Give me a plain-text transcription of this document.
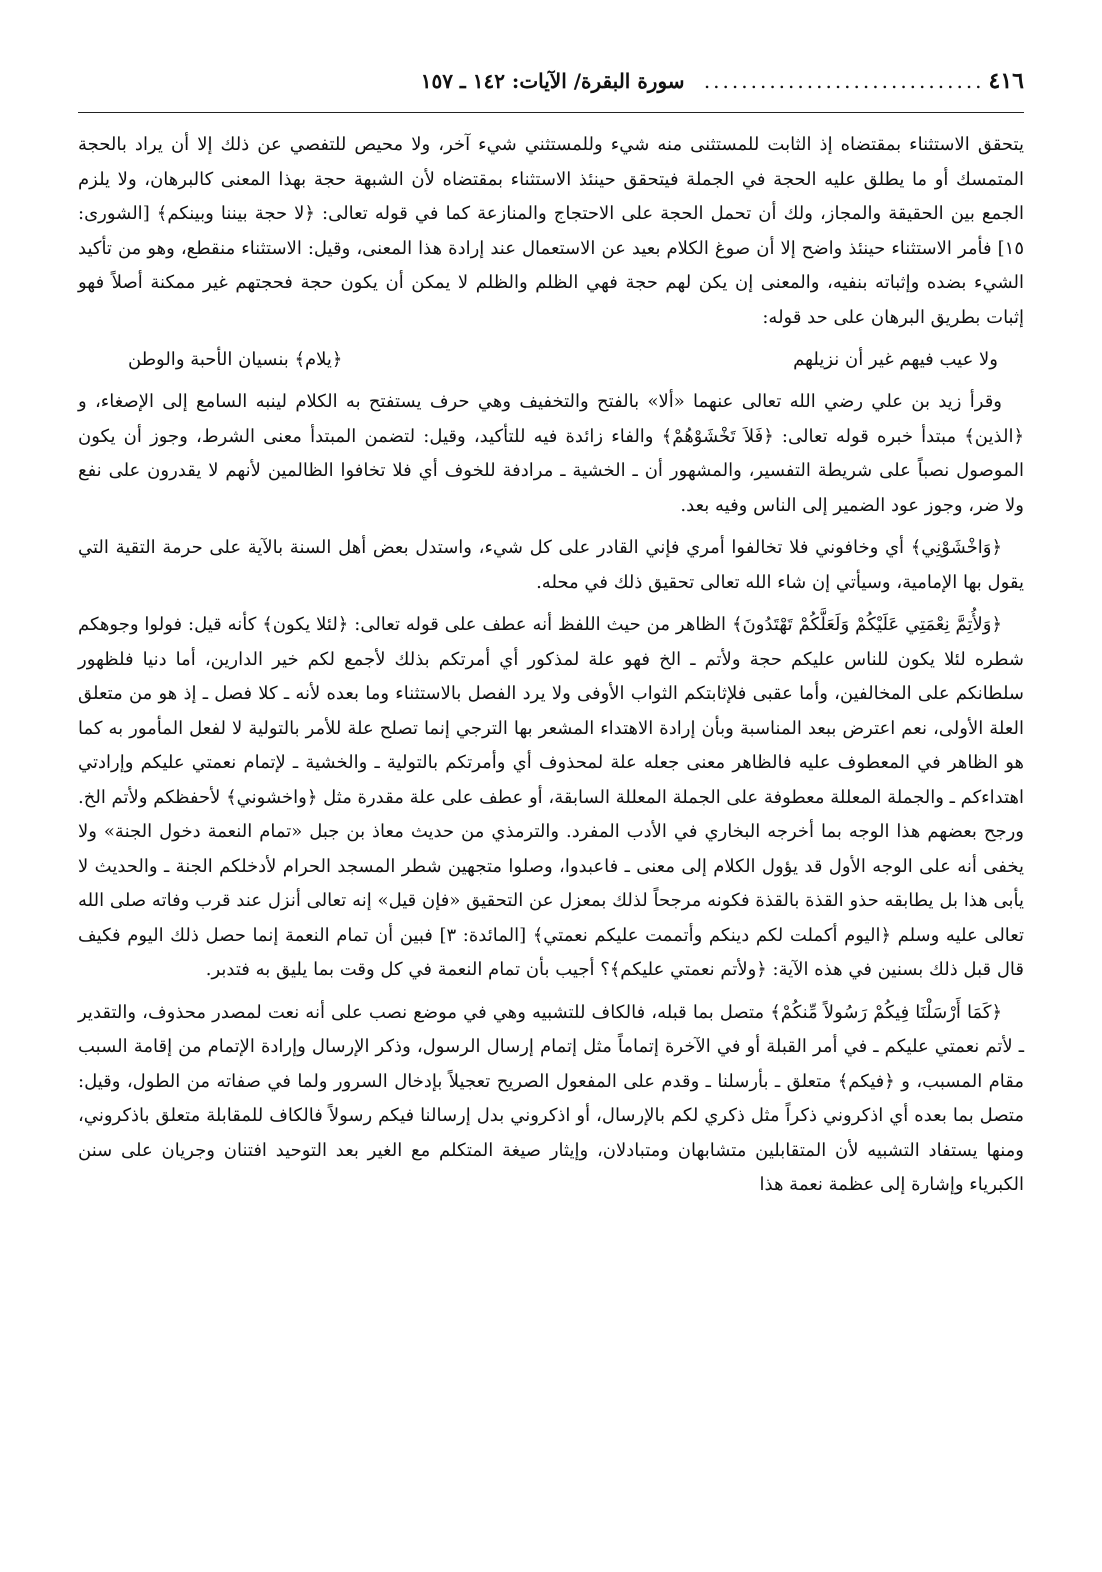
٤١٦
..............................
سورة البقرة/ الآيات: ١٤٢ ـ ١٥٧

يتحقق الاستثناء بمقتضاه إذ الثابت للمستثنى منه شيء وللمستثني شيء آخر، ولا محيص للتفصي عن ذلك إلا أن يراد بالحجة المتمسك أو ما يطلق عليه الحجة في الجملة فيتحقق حينئذ الاستثناء بمقتضاه لأن الشبهة حجة بهذا المعنى كالبرهان، ولا يلزم الجمع بين الحقيقة والمجاز، ولك أن تحمل الحجة على الاحتجاج والمنازعة كما في قوله تعالى: ﴿لا حجة بيننا وبينكم﴾ [الشورى: ١٥] فأمر الاستثناء حينئذ واضح إلا أن صوغ الكلام بعيد عن الاستعمال عند إرادة هذا المعنى، وقيل: الاستثناء منقطع، وهو من تأكيد الشيء بضده وإثباته بنفيه، والمعنى إن يكن لهم حجة فهي الظلم والظلم لا يمكن أن يكون حجة فحجتهم غير ممكنة أصلاً فهو إثبات بطريق البرهان على حد قوله:

ولا عيب فيهم غير أن نزيلهم
﴿يلام﴾ بنسيان الأحبة والوطن

وقرأ زيد بن علي رضي الله تعالى عنهما «ألا» بالفتح والتخفيف وهي حرف يستفتح به الكلام لينبه السامع إلى الإصغاء، و ﴿الذين﴾ مبتدأ خبره قوله تعالى: ﴿فَلاَ تَخْشَوْهُمْ﴾ والفاء زائدة فيه للتأكيد، وقيل: لتضمن المبتدأ معنى الشرط، وجوز أن يكون الموصول نصباً على شريطة التفسير، والمشهور أن ـ الخشية ـ مرادفة للخوف أي فلا تخافوا الظالمين لأنهم لا يقدرون على نفع ولا ضر، وجوز عود الضمير إلى الناس وفيه بعد.

﴿وَاخْشَوْنِي﴾ أي وخافوني فلا تخالفوا أمري فإني القادر على كل شيء، واستدل بعض أهل السنة بالآية على حرمة التقية التي يقول بها الإمامية، وسيأتي إن شاء الله تعالى تحقيق ذلك في محله.

﴿وَلأُتِمَّ نِعْمَتِي عَلَيْكُمْ وَلَعَلَّكُمْ تَهْتَدُونَ﴾ الظاهر من حيث اللفظ أنه عطف على قوله تعالى: ﴿لئلا يكون﴾ كأنه قيل: فولوا وجوهكم شطره لئلا يكون للناس عليكم حجة ولأتم ـ الخ فهو علة لمذكور أي أمرتكم بذلك لأجمع لكم خير الدارين، أما دنيا فلظهور سلطانكم على المخالفين، وأما عقبى فلإثابتكم الثواب الأوفى ولا يرد الفصل بالاستثناء وما بعده لأنه ـ كلا فصل ـ إذ هو من متعلق العلة الأولى، نعم اعترض ببعد المناسبة وبأن إرادة الاهتداء المشعر بها الترجي إنما تصلح علة للأمر بالتولية لا لفعل المأمور به كما هو الظاهر في المعطوف عليه فالظاهر معنى جعله علة لمحذوف أي وأمرتكم بالتولية ـ والخشية ـ لإتمام نعمتي عليكم وإرادتي اهتداءكم ـ والجملة المعللة معطوفة على الجملة المعللة السابقة، أو عطف على علة مقدرة مثل ﴿واخشوني﴾ لأحفظكم ولأتم الخ. ورجح بعضهم هذا الوجه بما أخرجه البخاري في الأدب المفرد. والترمذي من حديث معاذ بن جبل «تمام النعمة دخول الجنة» ولا يخفى أنه على الوجه الأول قد يؤول الكلام إلى معنى ـ فاعبدوا، وصلوا متجهين شطر المسجد الحرام لأدخلكم الجنة ـ والحديث لا يأبى هذا بل يطابقه حذو القذة بالقذة فكونه مرجحاً لذلك بمعزل عن التحقيق «فإن قيل» إنه تعالى أنزل عند قرب وفاته صلى الله تعالى عليه وسلم ﴿اليوم أكملت لكم دينكم وأتممت عليكم نعمتي﴾ [المائدة: ٣] فبين أن تمام النعمة إنما حصل ذلك اليوم فكيف قال قبل ذلك بسنين في هذه الآية: ﴿ولأتم نعمتي عليكم﴾؟ أجيب بأن تمام النعمة في كل وقت بما يليق به فتدبر.

﴿كَمَا أَرْسَلْنَا فِيكُمْ رَسُولاً مِّنكُمْ﴾ متصل بما قبله، فالكاف للتشبيه وهي في موضع نصب على أنه نعت لمصدر محذوف، والتقدير ـ لأتم نعمتي عليكم ـ في أمر القبلة أو في الآخرة إتماماً مثل إتمام إرسال الرسول، وذكر الإرسال وإرادة الإتمام من إقامة السبب مقام المسبب، و ﴿فيكم﴾ متعلق ـ بأرسلنا ـ وقدم على المفعول الصريح تعجيلاً بإدخال السرور ولما في صفاته من الطول، وقيل: متصل بما بعده أي اذكروني ذكراً مثل ذكري لكم بالإرسال، أو اذكروني بدل إرسالنا فيكم رسولاً فالكاف للمقابلة متعلق باذكروني، ومنها يستفاد التشبيه لأن المتقابلين متشابهان ومتبادلان، وإيثار صيغة المتكلم مع الغير بعد التوحيد افتنان وجريان على سنن الكبرياء وإشارة إلى عظمة نعمة هذا
